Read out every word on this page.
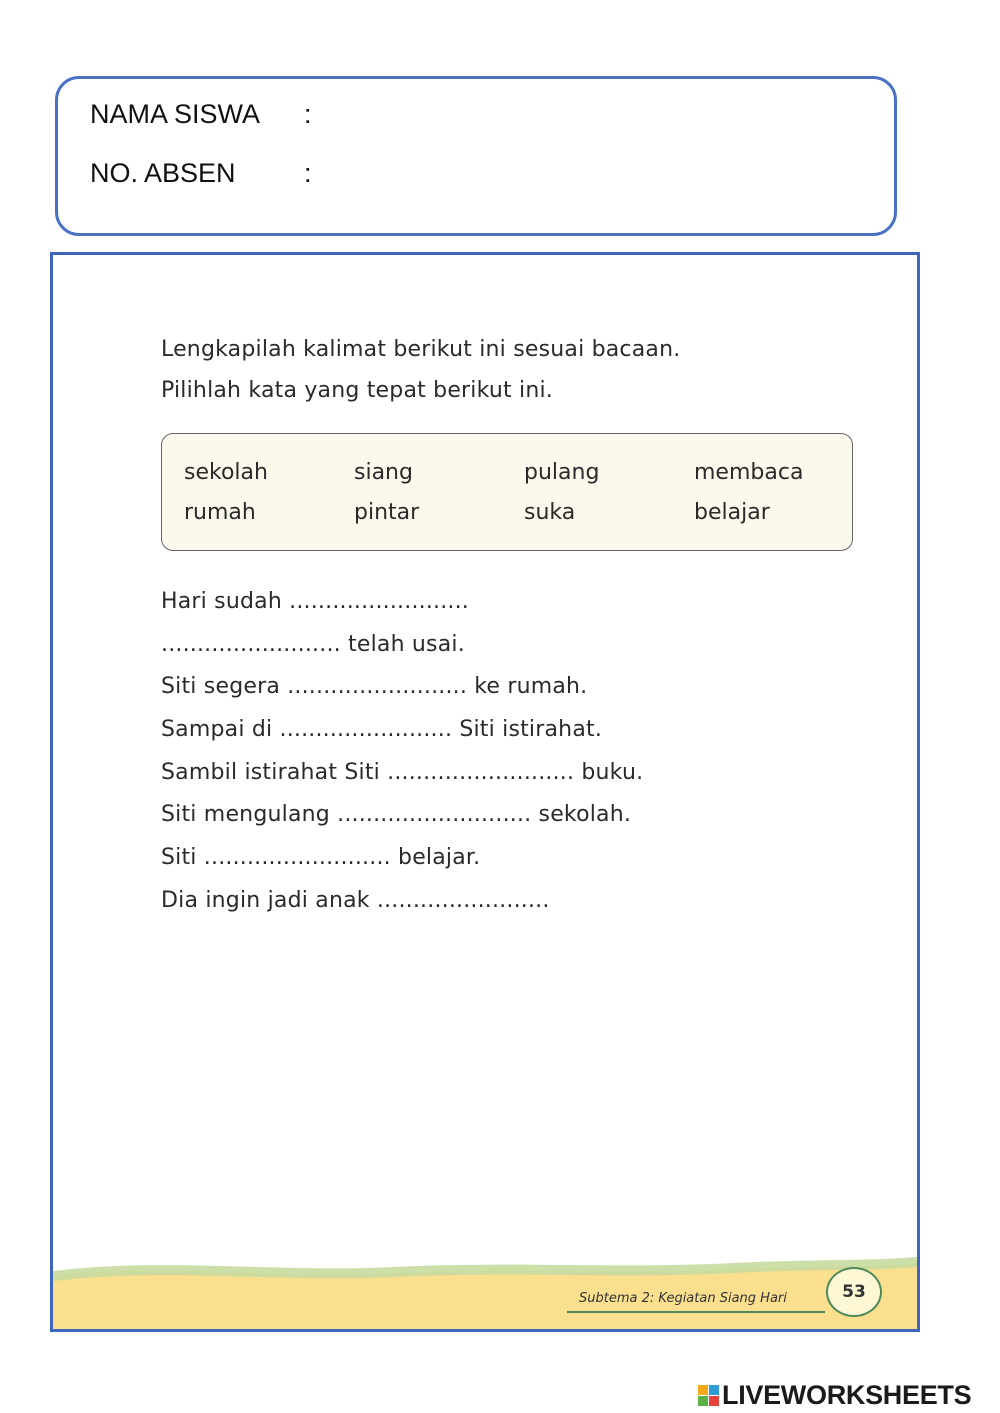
NAMA SISWA :
NO. ABSEN	:
Lengkapilah kalimat berikut ini sesuai bacaan.
Pilihlah kata yang tepat berikut ini.
sekolah	siang	pulang	membaca
rumah	pintar	suka	belajar
Hari sudah .........................
......................... telah usai.
Siti segera ......................... ke rumah.
Sampai di ........................ Siti istirahat.
Sambil istirahat Siti .......................... buku.
Siti mengulang ........................... sekolah.
Siti .......................... belajar.
Dia ingin jadi anak ........................
Subtema 2: Kegiatan Siang Hari	53
LIVEWORKSHEETS
